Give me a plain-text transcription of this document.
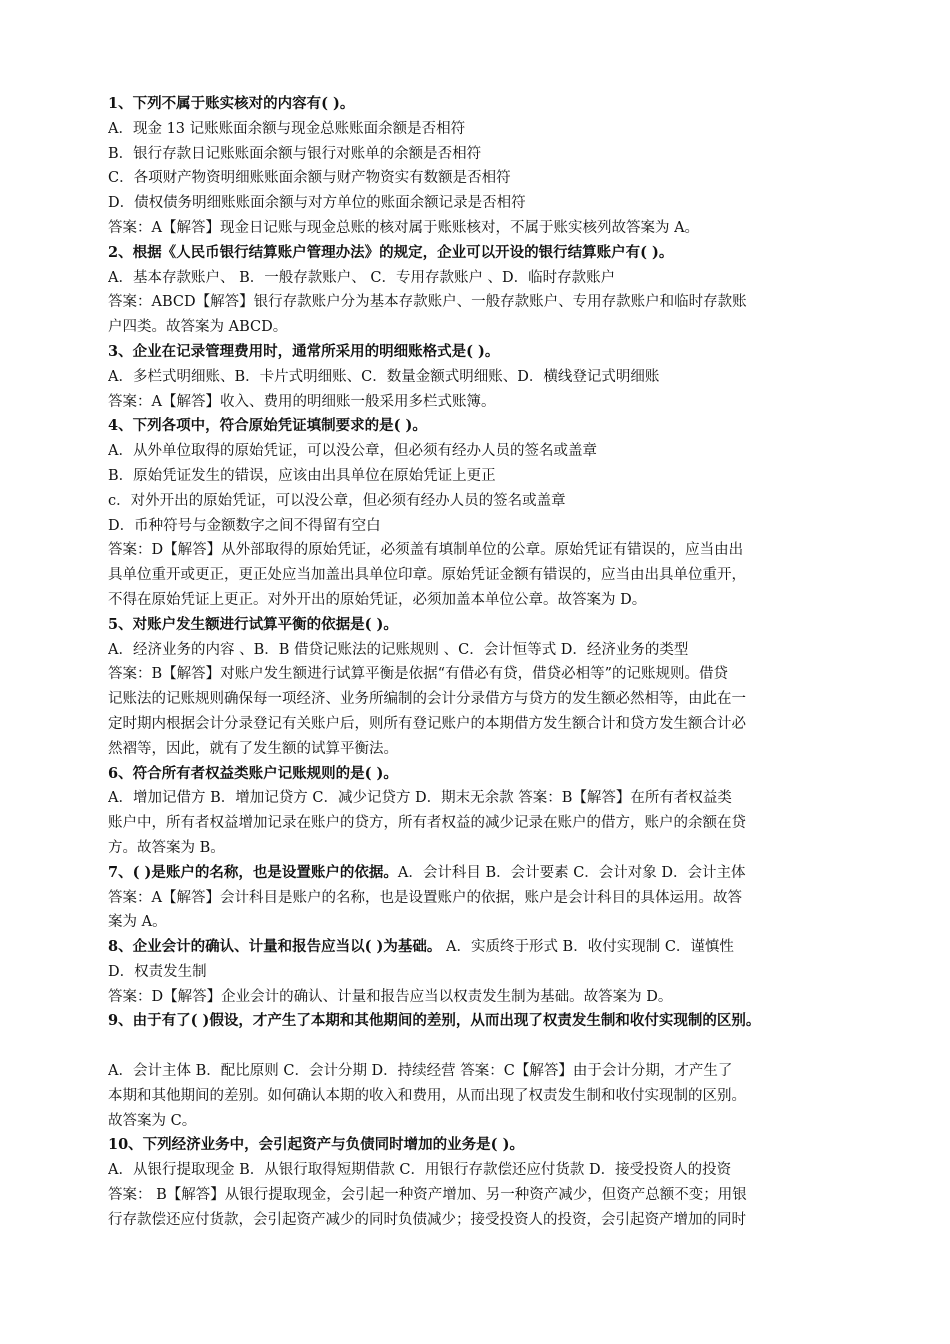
1、下列不属于账实核对的内容有( )。
A．现金 13 记账账面余额与现金总账账面余额是否相符
B．银行存款日记账账面余额与银行对账单的余额是否相符
C．各项财产物资明细账账面余额与财产物资实有数额是否相符
D．债权债务明细账账面余额与对方单位的账面余额记录是否相符
答案：A【解答】现金日记账与现金总账的核对属于账账核对，不属于账实核列故答案为 A。
2、根据《人民币银行结算账户管理办法》的规定，企业可以开设的银行结算账户有( )。
A．基本存款账户、 B．一般存款账户、 C．专用存款账户 、D．临时存款账户
答案：ABCD【解答】银行存款账户分为基本存款账户、一般存款账户、专用存款账户和临时存款账
户四类。故答案为 ABCD。
3、企业在记录管理费用时，通常所采用的明细账格式是( )。
A．多栏式明细账、B．卡片式明细账、C．数量金额式明细账、D．横线登记式明细账
答案：A【解答】收入、费用的明细账一般采用多栏式账簿。
4、下列各项中，符合原始凭证填制要求的是( )。
A．从外单位取得的原始凭证，可以没公章，但必须有经办人员的签名或盖章
B．原始凭证发生的错误，应该由出具单位在原始凭证上更正
c．对外开出的原始凭证，可以没公章，但必须有经办人员的签名或盖章
D．币种符号与金额数字之间不得留有空白
答案：D【解答】从外部取得的原始凭证，必须盖有填制单位的公章。原始凭证有错误的，应当由出
具单位重开或更正，更正处应当加盖出具单位印章。原始凭证金额有错误的，应当由出具单位重开，
不得在原始凭证上更正。对外开出的原始凭证，必须加盖本单位公章。故答案为 D。
5、对账户发生额进行试算平衡的依据是( )。
A．经济业务的内容 、B．B 借贷记账法的记账规则 、C．会计恒等式 D．经济业务的类型
答案：B【解答】对账户发生额进行试算平衡是依据“有借必有贷，借贷必相等”的记账规则。借贷
记账法的记账规则确保每一项经济、业务所编制的会计分录借方与贷方的发生额必然相等，由此在一
定时期内根据会计分录登记有关账户后，则所有登记账户的本期借方发生额合计和贷方发生额合计必
然褶等，因此，就有了发生额的试算平衡法。
6、符合所有者权益类账户记账规则的是( )。
A．增加记借方 B．增加记贷方 C．减少记贷方 D．期末无余款 答案：B【解答】在所有者权益类
账户中，所有者权益增加记录在账户的贷方，所有者权益的减少记录在账户的借方，账户的余额在贷
方。故答案为 B。
7、( )是账户的名称，也是设置账户的依据。A．会计科目 B．会计要素 C．会计对象 D．会计主体
答案：A【解答】会计科目是账户的名称，也是设置账户的依据，账户是会计科目的具体运用。故答
案为 A。
8、企业会计的确认、计量和报告应当以( )为基础。 A．实质终于形式 B．收付实现制 C．谨慎性
D．权责发生制
答案：D【解答】企业会计的确认、计量和报告应当以权责发生制为基础。故答案为 D。
9、由于有了( )假设，才产生了本期和其他期间的差别，从而出现了权责发生制和收付实现制的区别。
A．会计主体 B．配比原则 C．会计分期 D．持续经营 答案：C【解答】由于会计分期，才产生了
本期和其他期间的差别。如何确认本期的收入和费用，从而出现了权责发生制和收付实现制的区别。
故答案为 C。
10、下列经济业务中，会引起资产与负债同时增加的业务是( )。
A．从银行提取现金 B．从银行取得短期借款 C．用银行存款偿还应付货款 D．接受投资人的投资
答案： B【解答】从银行提取现金，会引起一种资产增加、另一种资产减少，但资产总额不变；用银
行存款偿还应付货款，会引起资产减少的同时负债减少；接受投资人的投资，会引起资产增加的同时
